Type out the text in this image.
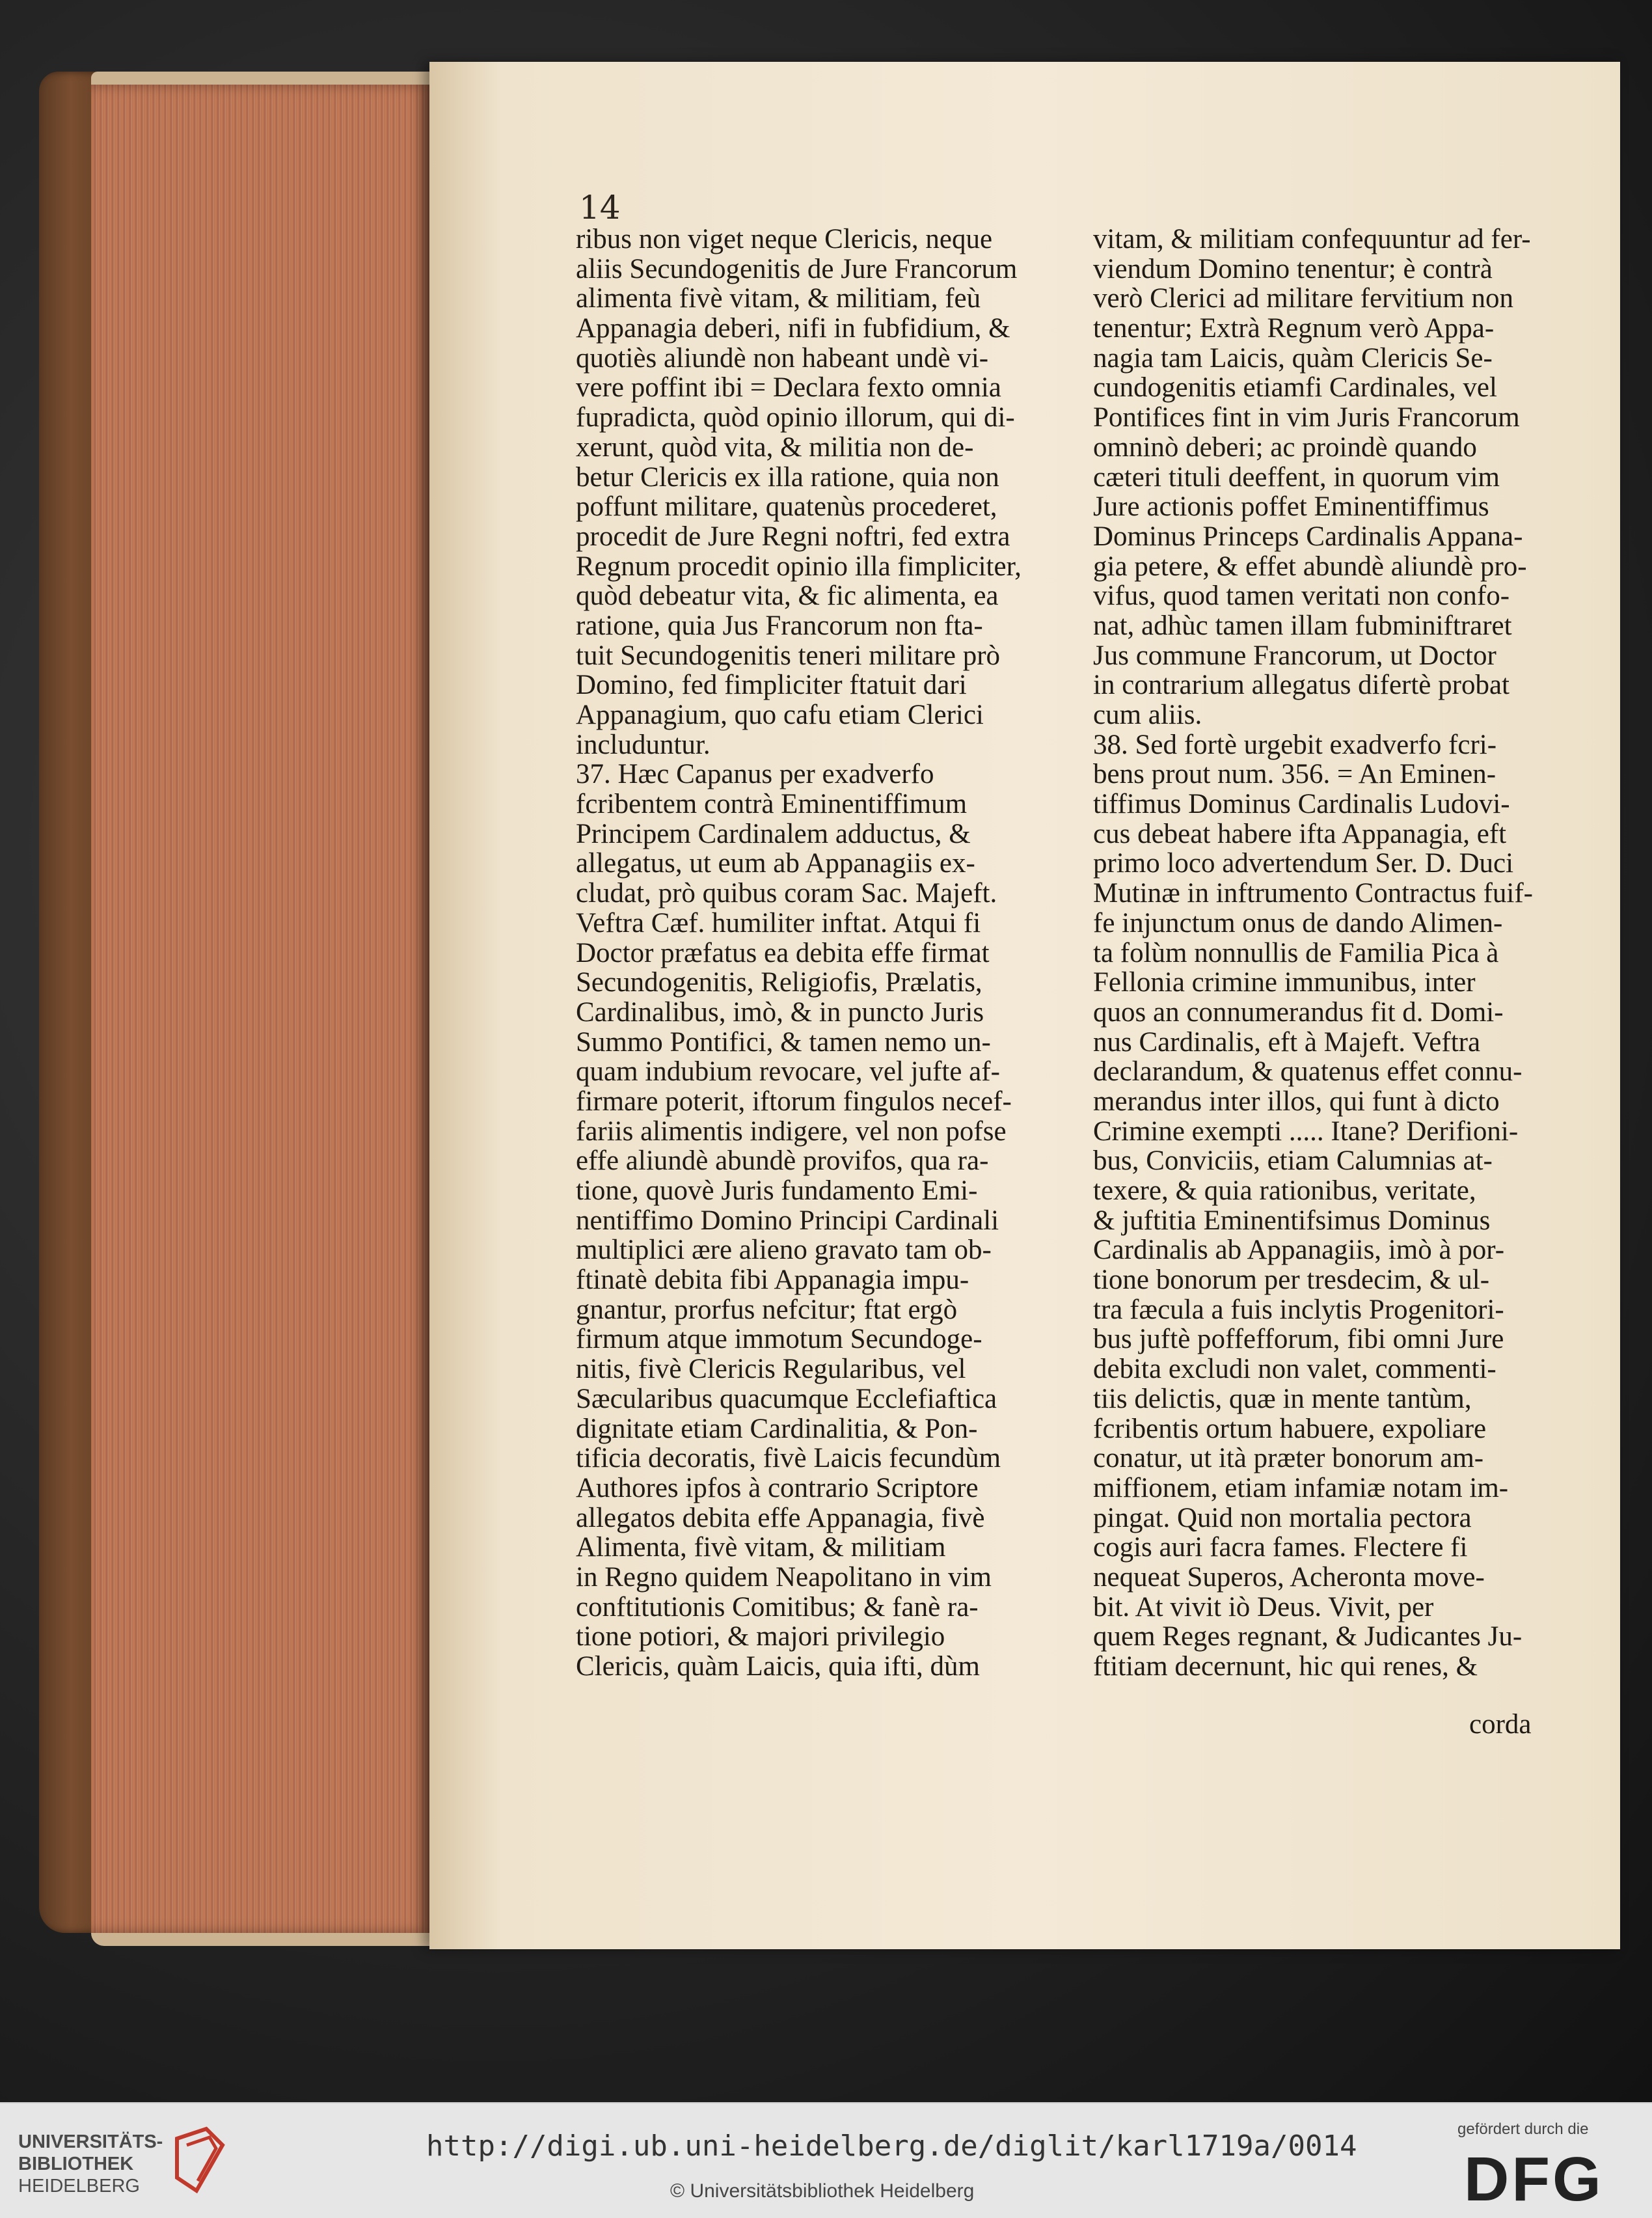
14
ribus non viget neque Clericis, neque
aliis Secundogenitis de Jure Francorum
alimenta fivè vitam, & militiam, feù
Appanagia deberi, nifi in fubfidium, &
quotiès aliundè non habeant undè vi-
vere poffint ibi = Declara fexto omnia
fupradicta, quòd opinio illorum, qui di-
xerunt, quòd vita, & militia non de-
betur Clericis ex illa ratione, quia non
poffunt militare, quatenùs procederet,
procedit de Jure Regni noftri, fed extra
Regnum procedit opinio illa fimpliciter,
quòd debeatur vita, & fic alimenta, ea
ratione, quia Jus Francorum non fta-
tuit Secundogenitis teneri militare prò
Domino, fed fimpliciter ftatuit dari
Appanagium, quo cafu etiam Clerici
includuntur.
37. Hæc Capanus per exadverfo
fcribentem contrà Eminentiffimum
Principem Cardinalem adductus, &
allegatus, ut eum ab Appanagiis ex-
cludat, prò quibus coram Sac. Majeft.
Veftra Cæf. humiliter inftat. Atqui fi
Doctor præfatus ea debita effe firmat
Secundogenitis, Religiofis, Prælatis,
Cardinalibus, imò, & in puncto Juris
Summo Pontifici, & tamen nemo un-
quam indubium revocare, vel jufte af-
firmare poterit, iftorum fingulos necef-
fariis alimentis indigere, vel non pofse
effe aliundè abundè provifos, qua ra-
tione, quovè Juris fundamento Emi-
nentiffimo Domino Principi Cardinali
multiplici ære alieno gravato tam ob-
ftinatè debita fibi Appanagia impu-
gnantur, prorfus nefcitur; ftat ergò
firmum atque immotum Secundoge-
nitis, fivè Clericis Regularibus, vel
Sæcularibus quacumque Ecclefiaftica
dignitate etiam Cardinalitia, & Pon-
tificia decoratis, fivè Laicis fecundùm
Authores ipfos à contrario Scriptore
allegatos debita effe Appanagia, fivè
Alimenta, fivè vitam, & militiam
in Regno quidem Neapolitano in vim
conftitutionis Comitibus; & fanè ra-
tione potiori, & majori privilegio
Clericis, quàm Laicis, quia ifti, dùm
vitam, & militiam confequuntur ad fer-
viendum Domino tenentur; è contrà
verò Clerici ad militare fervitium non
tenentur; Extrà Regnum verò Appa-
nagia tam Laicis, quàm Clericis Se-
cundogenitis etiamfi Cardinales, vel
Pontifices fint in vim Juris Francorum
omninò deberi; ac proindè quando
cæteri tituli deeffent, in quorum vim
Jure actionis poffet Eminentiffimus
Dominus Princeps Cardinalis Appana-
gia petere, & effet abundè aliundè pro-
vifus, quod tamen veritati non confo-
nat, adhùc tamen illam fubminiftraret
Jus commune Francorum, ut Doctor
in contrarium allegatus difertè probat
cum aliis.
38. Sed fortè urgebit exadverfo fcri-
bens prout num. 356. = An Eminen-
tiffimus Dominus Cardinalis Ludovi-
cus debeat habere ifta Appanagia, eft
primo loco advertendum Ser. D. Duci
Mutinæ in inftrumento Contractus fuif-
fe injunctum onus de dando Alimen-
ta folùm nonnullis de Familia Pica à
Fellonia crimine immunibus, inter
quos an connumerandus fit d. Domi-
nus Cardinalis, eft à Majeft. Veftra
declarandum, & quatenus effet connu-
merandus inter illos, qui funt à dicto
Crimine exempti ..... Itane? Derifioni-
bus, Conviciis, etiam Calumnias at-
texere, & quia rationibus, veritate,
& juftitia Eminentifsimus Dominus
Cardinalis ab Appanagiis, imò à por-
tione bonorum per tresdecim, & ul-
tra fæcula a fuis inclytis Progenitori-
bus juftè poffefforum, fibi omni Jure
debita excludi non valet, commenti-
tiis delictis, quæ in mente tantùm,
fcribentis ortum habuere, expoliare
conatur, ut ità præter bonorum am-
miffionem, etiam infamiæ notam im-
pingat. Quid non mortalia pectora
cogis auri facra fames. Flectere fi
nequeat Superos, Acheronta move-
bit. At vivit iò Deus. Vivit, per
quem Reges regnant, & Judicantes Ju-
ftitiam decernunt, hic qui renes, &
corda
UNIVERSITÄTS-
BIBLIOTHEK
HEIDELBERG
http://digi.ub.uni-heidelberg.de/diglit/karl1719a/0014
© Universitätsbibliothek Heidelberg
gefördert durch die
DFG
